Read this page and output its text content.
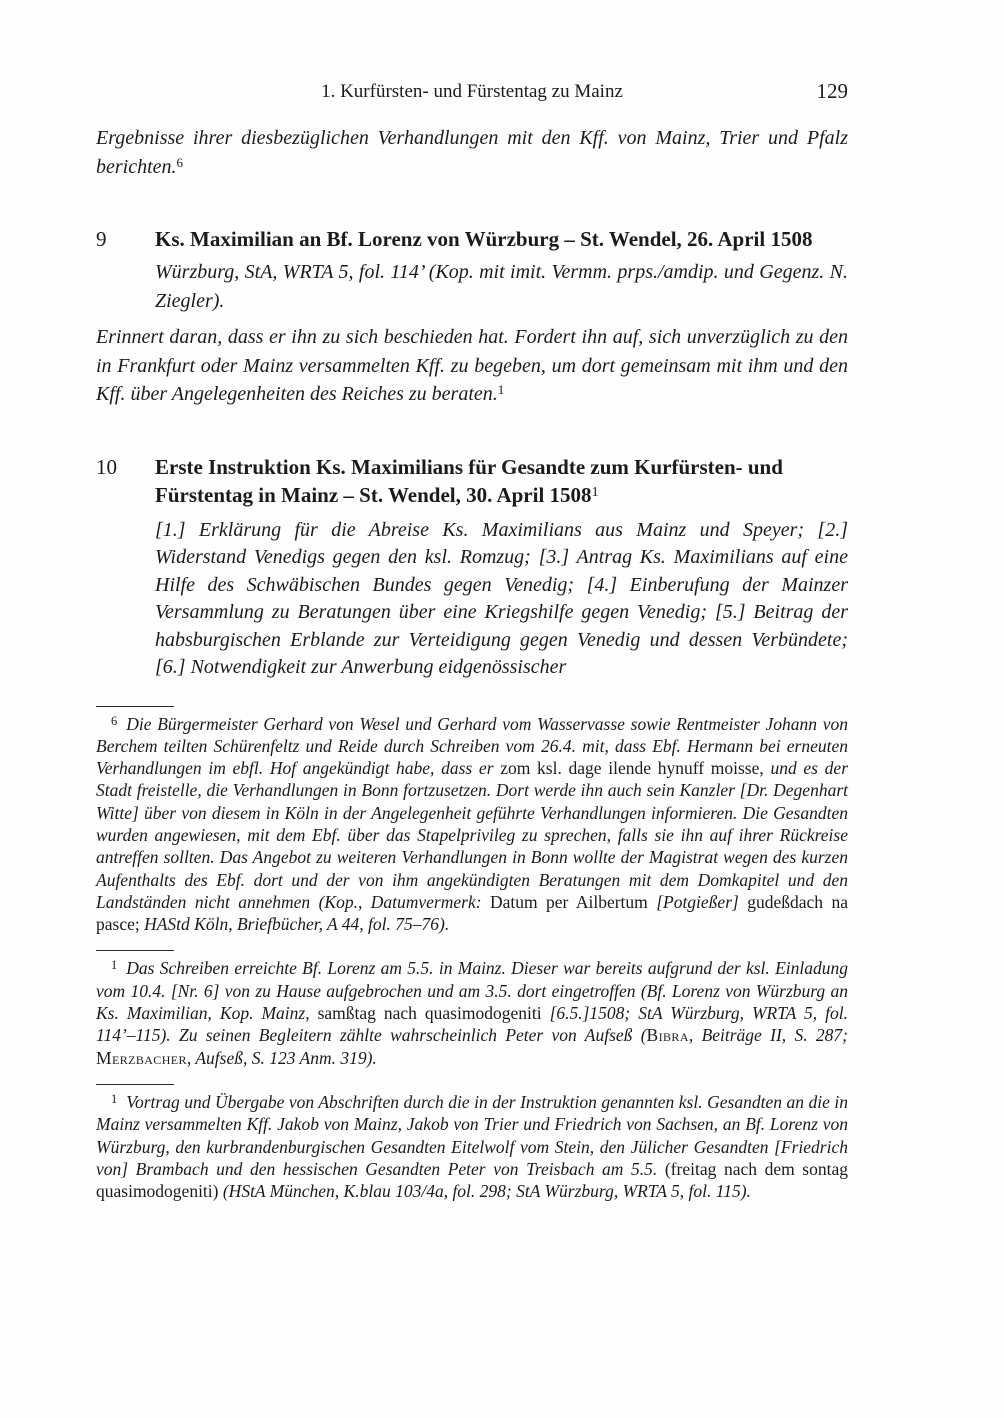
1. Kurfürsten- und Fürstentag zu Mainz	129

Ergebnisse ihrer diesbezüglichen Verhandlungen mit den Kff. von Mainz, Trier und Pfalz berichten.$^6$

9	Ks. Maximilian an Bf. Lorenz von Würzburg – St. Wendel, 26. April 1508

Würzburg, StA, WRTA 5, fol. 114’ (Kop. mit imit. Vermm. prps./amdip. und Gegenz. N. Ziegler).

Erinnert daran, dass er ihn zu sich beschieden hat. Fordert ihn auf, sich unverzüglich zu den in Frankfurt oder Mainz versammelten Kff. zu begeben, um dort gemeinsam mit ihm und den Kff. über Angelegenheiten des Reiches zu beraten.$^1$

10	Erste Instruktion Ks. Maximilians für Gesandte zum Kurfürsten- und Fürstentag in Mainz – St. Wendel, 30. April 1508$^1$

[1.] Erklärung für die Abreise Ks. Maximilians aus Mainz und Speyer; [2.] Widerstand Venedigs gegen den ksl. Romzug; [3.] Antrag Ks. Maximilians auf eine Hilfe des Schwäbischen Bundes gegen Venedig; [4.] Einberufung der Mainzer Versammlung zu Beratungen über eine Kriegshilfe gegen Venedig; [5.] Beitrag der habsburgischen Erblande zur Verteidigung gegen Venedig und dessen Verbündete; [6.] Notwendigkeit zur Anwerbung eidgenössischer

$^6$ Die Bürgermeister Gerhard von Wesel und Gerhard vom Wasservasse sowie Rentmeister Johann von Berchem teilten Schürenfeltz und Reide durch Schreiben vom 26.4. mit, dass Ebf. Hermann bei erneuten Verhandlungen im ebfl. Hof angekündigt habe, dass er zom ksl. dage ilende hynuff moisse, und es der Stadt freistelle, die Verhandlungen in Bonn fortzusetzen. Dort werde ihn auch sein Kanzler [Dr. Degenhart Witte] über von diesem in Köln in der Angelegenheit geführte Verhandlungen informieren. Die Gesandten wurden angewiesen, mit dem Ebf. über das Stapelprivileg zu sprechen, falls sie ihn auf ihrer Rückreise antreffen sollten. Das Angebot zu weiteren Verhandlungen in Bonn wollte der Magistrat wegen des kurzen Aufenthalts des Ebf. dort und der von ihm angekündigten Beratungen mit dem Domkapitel und den Landständen nicht annehmen (Kop., Datumvermerk: Datum per Ailbertum [Potgießer] gudeßdach na pasce; HAStd Köln, Briefbücher, A 44, fol. 75–76).

$^1$ Das Schreiben erreichte Bf. Lorenz am 5.5. in Mainz. Dieser war bereits aufgrund der ksl. Einladung vom 10.4. [Nr. 6] von zu Hause aufgebrochen und am 3.5. dort eingetroffen (Bf. Lorenz von Würzburg an Ks. Maximilian, Kop. Mainz, samßtag nach quasimodogeniti [6.5.]1508; StA Würzburg, WRTA 5, fol. 114’–115). Zu seinen Begleitern zählte wahrscheinlich Peter von Aufseß (Bibra, Beiträge II, S. 287; Merzbacher, Aufseß, S. 123 Anm. 319).

$^1$ Vortrag und Übergabe von Abschriften durch die in der Instruktion genannten ksl. Gesandten an die in Mainz versammelten Kff. Jakob von Mainz, Jakob von Trier und Friedrich von Sachsen, an Bf. Lorenz von Würzburg, den kurbrandenburgischen Gesandten Eitelwolf vom Stein, den Jülicher Gesandten [Friedrich von] Brambach und den hessischen Gesandten Peter von Treisbach am 5.5. (freitag nach dem sontag quasimodogeniti) (HStA München, K.blau 103/4a, fol. 298; StA Würzburg, WRTA 5, fol. 115).
